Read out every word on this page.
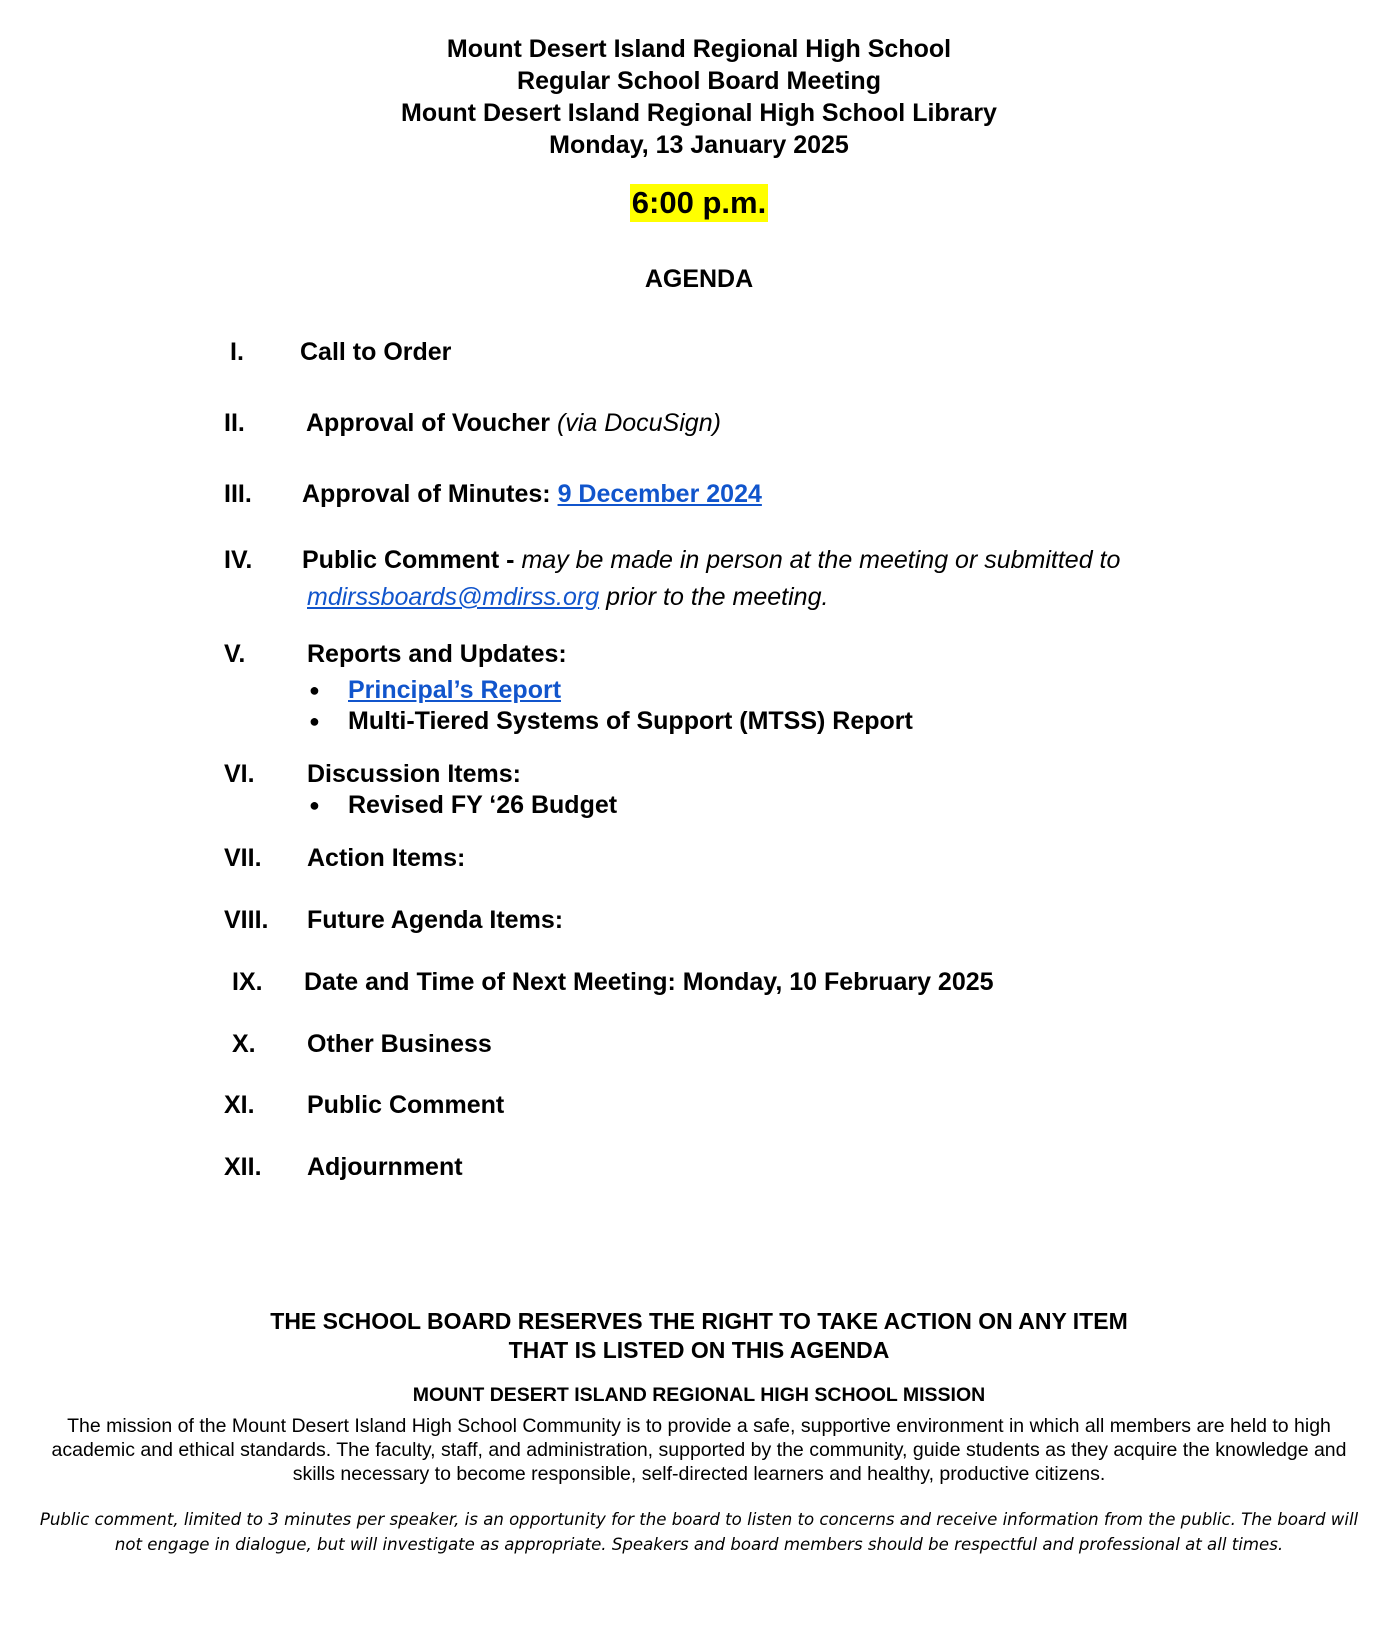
Mount Desert Island Regional High School
Regular School Board Meeting
Mount Desert Island Regional High School Library
Monday, 13 January 2025
6:00 p.m.
AGENDA
I. Call to Order
II. Approval of Voucher (via DocuSign)
III. Approval of Minutes: 9 December 2024
IV. Public Comment - may be made in person at the meeting or submitted to
mdirssboards@mdirss.org prior to the meeting.
V. Reports and Updates:
● Principal’s Report
● Multi-Tiered Systems of Support (MTSS) Report
VI. Discussion Items:
● Revised FY ‘26 Budget
VII. Action Items:
VIII. Future Agenda Items:
IX. Date and Time of Next Meeting: Monday, 10 February 2025
X. Other Business
XI. Public Comment
XII. Adjournment
THE SCHOOL BOARD RESERVES THE RIGHT TO TAKE ACTION ON ANY ITEM
THAT IS LISTED ON THIS AGENDA
MOUNT DESERT ISLAND REGIONAL HIGH SCHOOL MISSION
The mission of the Mount Desert Island High School Community is to provide a safe, supportive environment in which all members are held to high academic and ethical standards. The faculty, staff, and administration, supported by the community, guide students as they acquire the knowledge and skills necessary to become responsible, self-directed learners and healthy, productive citizens.
Public comment, limited to 3 minutes per speaker, is an opportunity for the board to listen to concerns and receive information from the public. The board will not engage in dialogue, but will investigate as appropriate. Speakers and board members should be respectful and professional at all times.
